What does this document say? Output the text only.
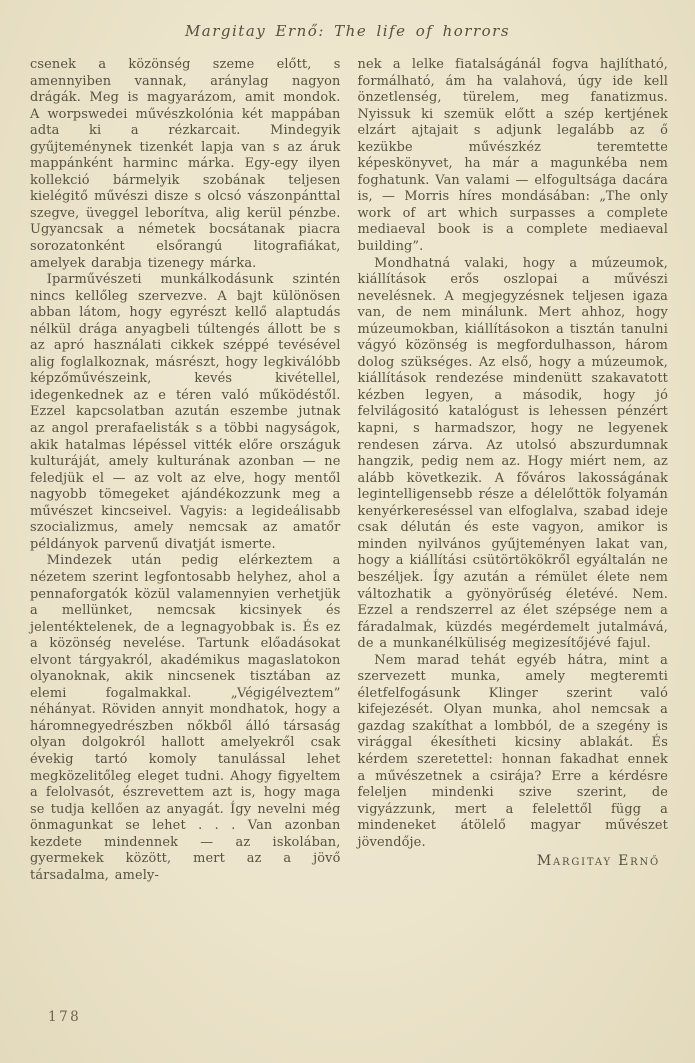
Margitay Ernő: The life of horrors

csenek a közönség szeme előtt, s amennyiben vannak, aránylag nagyon drágák. Meg is magyarázom, amit mondok. A worpswedei művészkolónia két mappában adta ki a rézkarcait. Mindegyik gyűjteménynek tizenkét lapja van s az áruk mappánként harminc márka. Egy-egy ilyen kollekció bármelyik szobának teljesen kielégitő művészi disze s olcsó vászonpánttal szegve, üveggel leborítva, alig kerül pénzbe. Ugyancsak a németek bocsátanak piacra sorozatonként elsőrangú litografiákat, amelyek darabja tizenegy márka.

Iparművészeti munkálkodásunk szintén nincs kellőleg szervezve. A bajt különösen abban látom, hogy egyrészt kellő alaptudás nélkül drága anyagbeli túltengés állott be s az apró használati cikkek széppé tevésével alig foglalkoznak, másrészt, hogy legkiválóbb képzőművészeink, kevés kivétellel, idegenkednek az e téren való működéstől. Ezzel kapcsolatban azután eszembe jutnak az angol prerafaelisták s a többi nagyságok, akik hatalmas lépéssel vitték előre országuk kulturáját, amely kulturának azonban — ne feledjük el — az volt az elve, hogy mentől nagyobb tömegeket ajándékozzunk meg a művészet kincseivel. Vagyis: a legideálisabb szocializmus, amely nemcsak az amatőr példányok parvenű divatját ismerte.

Mindezek után pedig elérkeztem a nézetem szerint legfontosabb helyhez, ahol a pennaforgatók közül valamennyien verhetjük a mellünket, nemcsak kicsinyek és jelentéktelenek, de a legnagyobbak is. És ez a közönség nevelése. Tartunk előadásokat elvont tárgyakról, akadémikus magaslatokon olyanoknak, akik nincsenek tisztában az elemi fogalmakkal. „Végigélveztem” néhányat. Röviden annyit mondhatok, hogy a háromnegyedrészben nőkből álló társaság olyan dolgokról hallott amelyekről csak évekig tartó komoly tanulással lehet megközelitőleg eleget tudni. Ahogy figyeltem a felolvasót, észrevettem azt is, hogy maga se tudja kellően az anyagát. Így nevelni még önmagunkat se lehet . . . Van azonban kezdete mindennek — az iskolában, gyermekek között, mert az a jövő társadalma, amely-

nek a lelke fiatalságánál fogva hajlítható, formálható, ám ha valahová, úgy ide kell önzetlenség, türelem, meg fanatizmus. Nyissuk ki szemük előtt a szép kertjének elzárt ajtajait s adjunk legalább az ő kezükbe művészkéz teremtette képeskönyvet, ha már a magunkéba nem foghatunk. Van valami — elfogultsága dacára is, — Morris híres mondásában: „The only work of art which surpasses a complete mediaeval book is a complete mediaeval building”.

Mondhatná valaki, hogy a múzeumok, kiállítások erős oszlopai a művészi nevelésnek. A megjegyzésnek teljesen igaza van, de nem minálunk. Mert ahhoz, hogy múzeumokban, kiállításokon a tisztán tanulni vágyó közönség is megfordulhasson, három dolog szükséges. Az első, hogy a múzeumok, kiállítások rendezése mindenütt szakavatott kézben legyen, a második, hogy jó felvilágositó katalógust is lehessen pénzért kapni, s harmadszor, hogy ne legyenek rendesen zárva. Az utolsó abszurdumnak hangzik, pedig nem az. Hogy miért nem, az alább következik. A főváros lakosságának legintelligensebb része a délelőttök folyamán kenyérkereséssel van elfoglalva, szabad ideje csak délután és este vagyon, amikor is minden nyilvános gyűjteményen lakat van, hogy a kiállítási csütörtökökről egyáltalán ne beszéljek. Így azután a rémület élete nem változhatik a gyönyörűség életévé. Nem. Ezzel a rendszerrel az élet szépsége nem a fáradalmak, küzdés megérdemelt jutalmává, de a munkanélküliség megizesítőjévé fajul.

Nem marad tehát egyéb hátra, mint a szervezett munka, amely megteremti életfelfogásunk Klinger szerint való kifejezését. Olyan munka, ahol nemcsak a gazdag szakíthat a lombból, de a szegény is virággal ékesítheti kicsiny ablakát. És kérdem szeretettel: honnan fakadhat ennek a művészetnek a csirája? Erre a kérdésre feleljen mindenki szive szerint, de vigyázzunk, mert a felelettől függ a mindeneket átölelő magyar művészet jövendője.

Margitay Ernő
178
